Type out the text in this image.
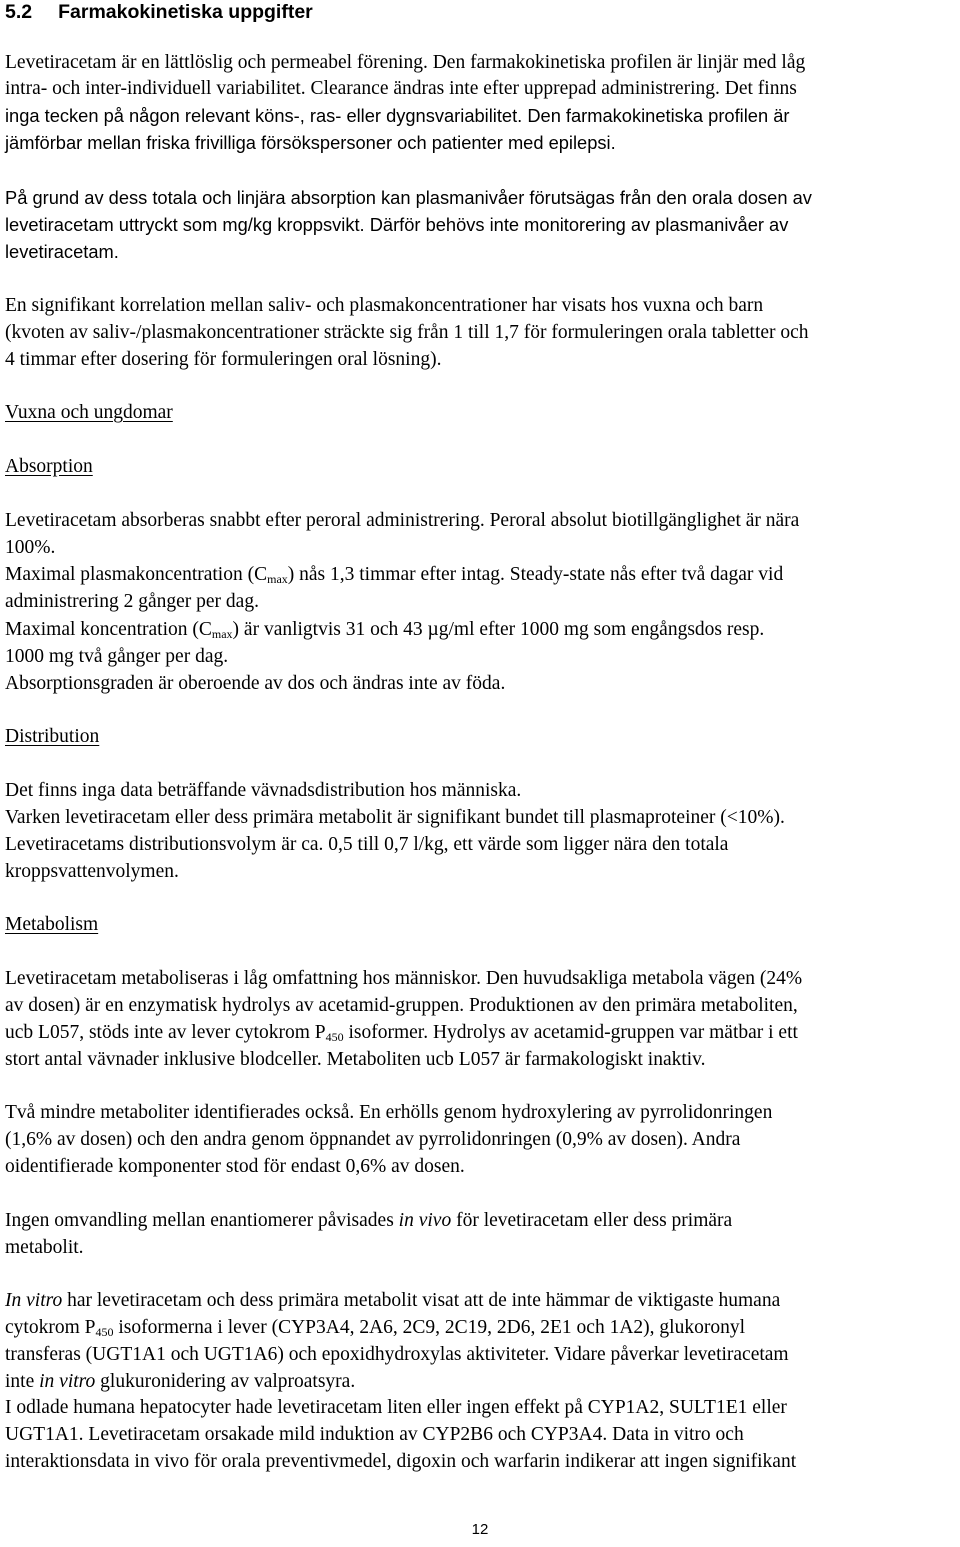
5.2 Farmakokinetiska uppgifter
Levetiracetam är en lättlöslig och permeabel förening. Den farmakokinetiska profilen är linjär med låg
intra- och inter-individuell variabilitet. Clearance ändras inte efter upprepad administrering. Det finns
inga tecken på någon relevant köns-, ras- eller dygnsvariabilitet. Den farmakokinetiska profilen är
jämförbar mellan friska frivilliga försökspersoner och patienter med epilepsi.
På grund av dess totala och linjära absorption kan plasmanivåer förutsägas från den orala dosen av
levetiracetam uttryckt som mg/kg kroppsvikt. Därför behövs inte monitorering av plasmanivåer av
levetiracetam.
En signifikant korrelation mellan saliv- och plasmakoncentrationer har visats hos vuxna och barn
(kvoten av saliv-/plasmakoncentrationer sträckte sig från 1 till 1,7 för formuleringen orala tabletter och
4 timmar efter dosering för formuleringen oral lösning).
Vuxna och ungdomar
Absorption
Levetiracetam absorberas snabbt efter peroral administrering. Peroral absolut biotillgänglighet är nära
100%.
Maximal plasmakoncentration $(C_{max})$ nås 1,3 timmar efter intag. Steady-state nås efter två dagar vid
administrering 2 gånger per dag.
Maximal koncentration $(C_{max})$ är vanligtvis 31 och 43 µg/ml efter 1000 mg som engångsdos resp.
1000 mg två gånger per dag.
Absorptionsgraden är oberoende av dos och ändras inte av föda.
Distribution
Det finns inga data beträffande vävnadsdistribution hos människa.
Varken levetiracetam eller dess primära metabolit är signifikant bundet till plasmaproteiner (<10%).
Levetiracetams distributionsvolym är ca. 0,5 till 0,7 l/kg, ett värde som ligger nära den totala
kroppsvattenvolymen.
Metabolism
Levetiracetam metaboliseras i låg omfattning hos människor. Den huvudsakliga metabola vägen (24%
av dosen) är en enzymatisk hydrolys av acetamid-gruppen. Produktionen av den primära metaboliten,
ucb L057, stöds inte av lever cytokrom $P_{450}$ isoformer. Hydrolys av acetamid-gruppen var mätbar i ett
stort antal vävnader inklusive blodceller. Metaboliten ucb L057 är farmakologiskt inaktiv.
Två mindre metaboliter identifierades också. En erhölls genom hydroxylering av pyrrolidonringen
(1,6% av dosen) och den andra genom öppnandet av pyrrolidonringen (0,9% av dosen). Andra
oidentifierade komponenter stod för endast 0,6% av dosen.
Ingen omvandling mellan enantiomerer påvisades in vivo för levetiracetam eller dess primära
metabolit.
In vitro har levetiracetam och dess primära metabolit visat att de inte hämmar de viktigaste humana
cytokrom $P_{450}$ isoformerna i lever (CYP3A4, 2A6, 2C9, 2C19, 2D6, 2E1 och 1A2), glukoronyl
transferas (UGT1A1 och UGT1A6) och epoxidhydroxylas aktiviteter. Vidare påverkar levetiracetam
inte in vitro glukuronidering av valproatsyra.
I odlade humana hepatocyter hade levetiracetam liten eller ingen effekt på CYP1A2, SULT1E1 eller
UGT1A1. Levetiracetam orsakade mild induktion av CYP2B6 och CYP3A4. Data in vitro och
interaktionsdata in vivo för orala preventivmedel, digoxin och warfarin indikerar att ingen signifikant
12
